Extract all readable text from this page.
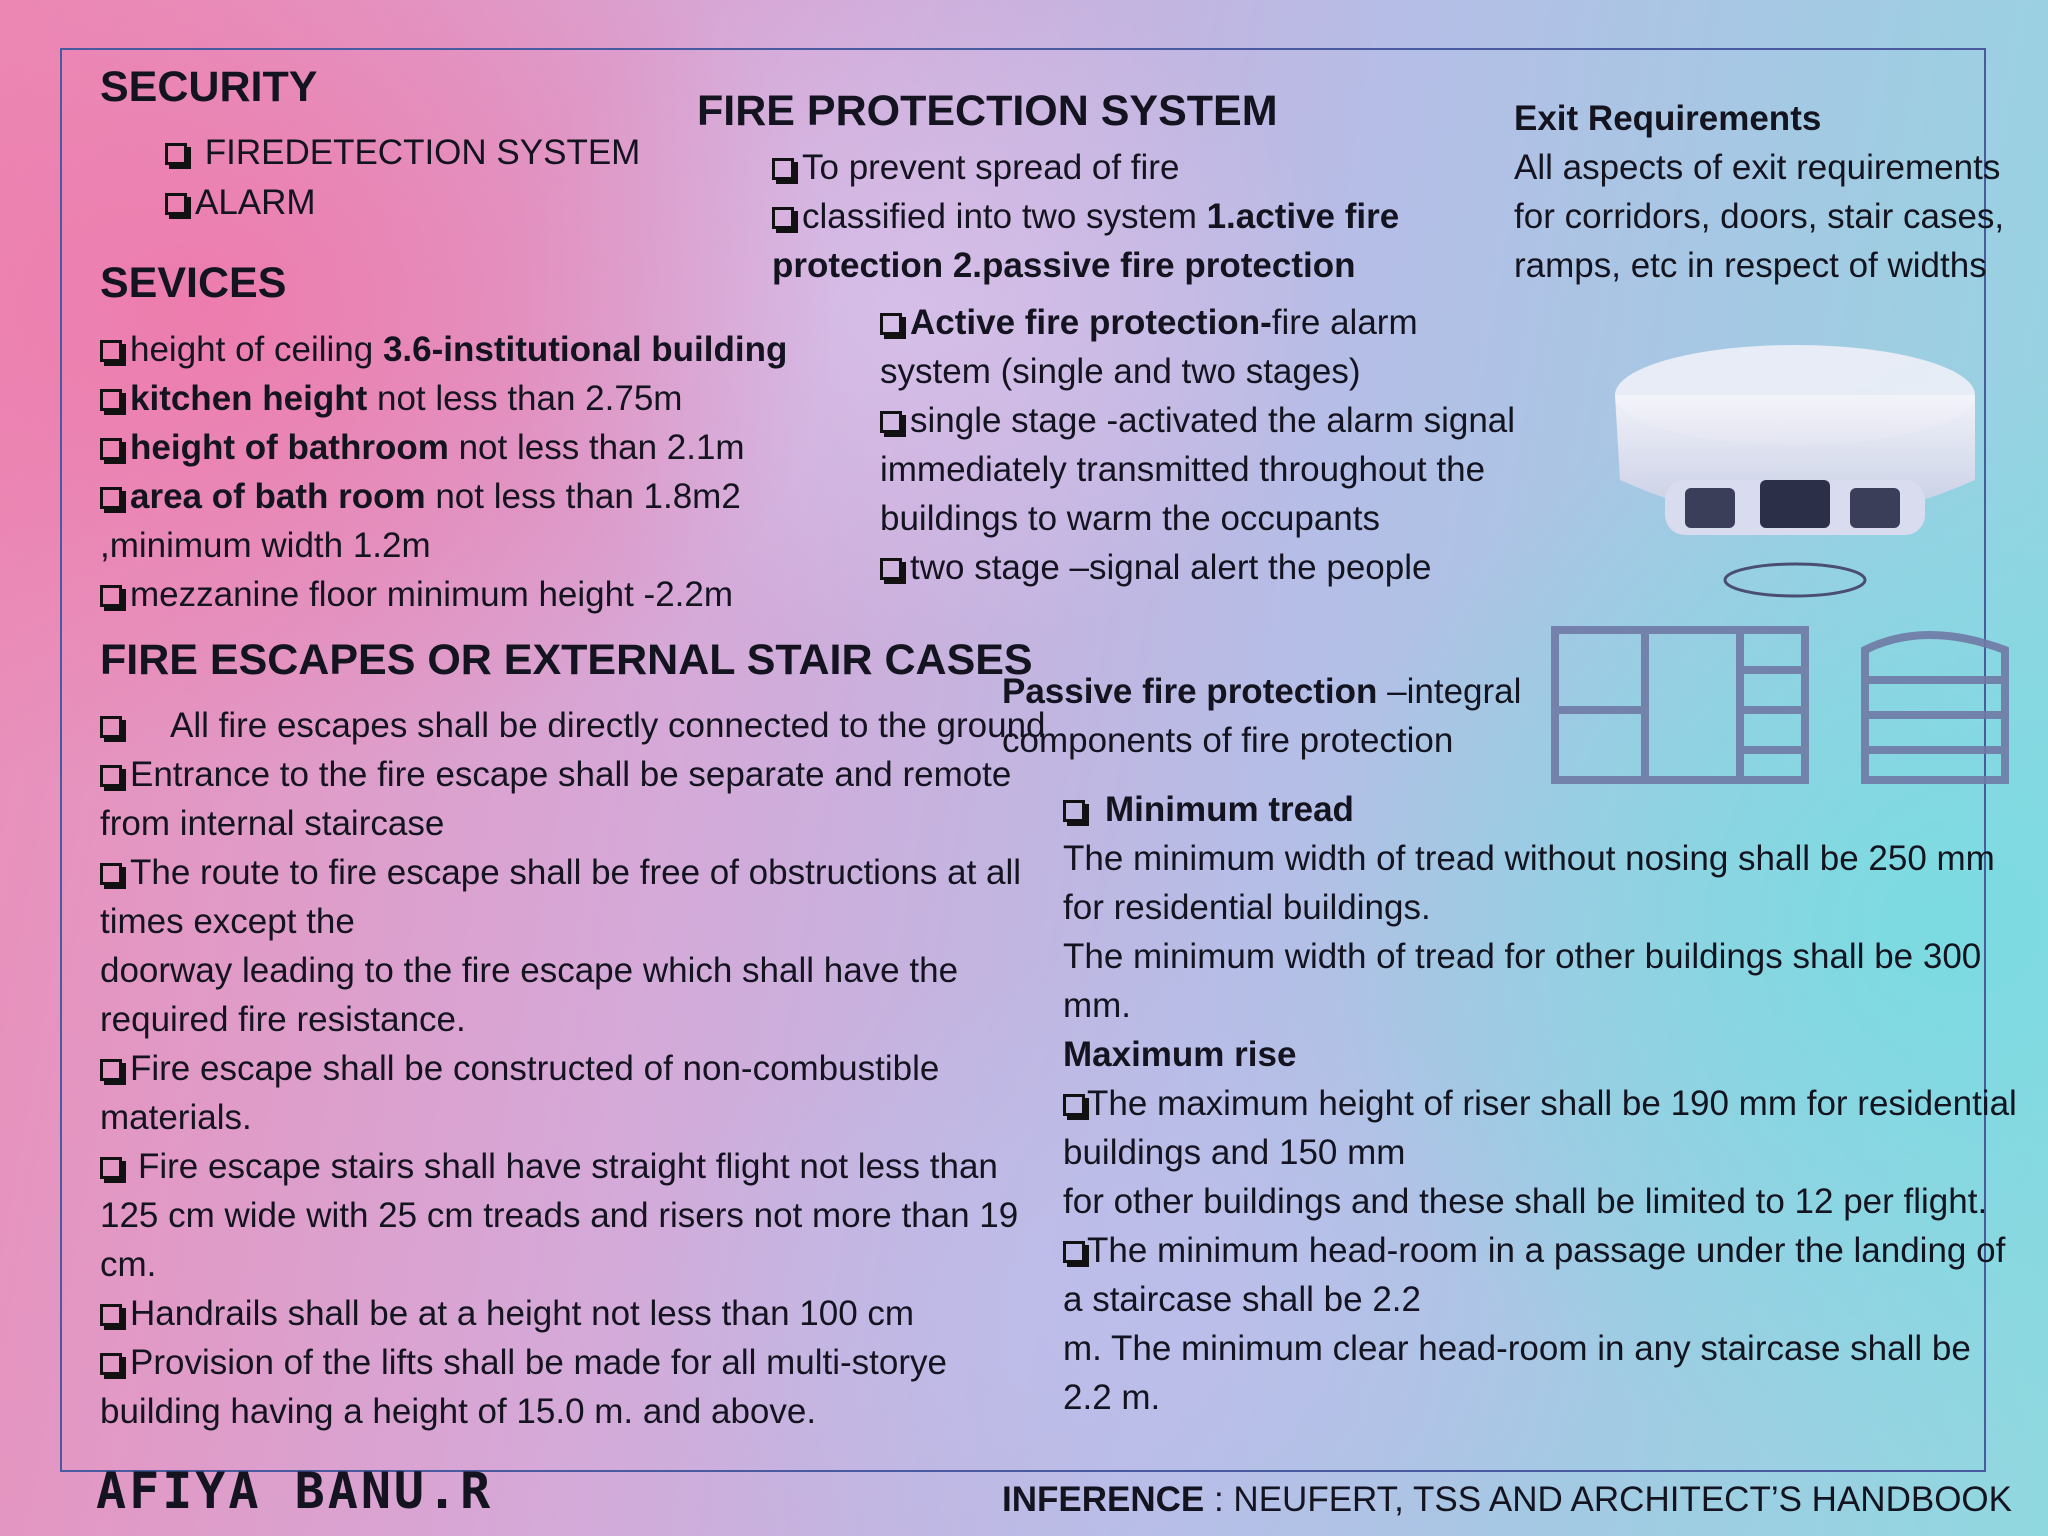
SECURITY
FIREDETECTION SYSTEM
ALARM
SEVICES
height of ceiling 3.6-institutional building
kitchen height not less than 2.75m
height of bathroom not less than 2.1m
area of bath room not less than 1.8m2
,minimum width 1.2m
mezzanine floor minimum height -2.2m
FIRE PROTECTION SYSTEM
To prevent spread of fire
classified into two system 1.active fire protection 2.passive fire protection
Active fire protection-fire alarm system (single and two stages)
single stage -activated the alarm signal immediately transmitted throughout the buildings to warm the occupants
two stage –signal alert the people
Passive fire protection –integral components of fire protection
Exit Requirements
All aspects of exit requirements for corridors, doors, stair cases, ramps, etc in respect of widths
FIRE ESCAPES OR EXTERNAL STAIR CASES
All fire escapes shall be directly connected to the ground
Entrance to the fire escape shall be separate and remote from internal staircase
The route to fire escape shall be free of obstructions at all times except the
doorway leading to the fire escape which shall have the required fire resistance.
Fire escape shall be constructed of non-combustible materials.
Fire escape stairs shall have straight flight not less than 125 cm wide with 25 cm treads and risers not more than 19 cm.
Handrails shall be at a height not less than 100 cm
Provision of the lifts shall be made for all multi-storye building having a height of 15.0 m. and above.
Minimum tread
The minimum width of tread without nosing shall be 250 mm for residential buildings.
The minimum width of tread for other buildings shall be 300 mm.
Maximum rise
The maximum height of riser shall be 190 mm for residential buildings and 150 mm
for other buildings and these shall be limited to 12 per flight.
The minimum head-room in a passage under the landing of a staircase shall be 2.2
m. The minimum clear head-room in any staircase shall be 2.2 m.
AFIYA BANU.R	INFERENCE : NEUFERT, TSS AND ARCHITECT’S HANDBOOK
